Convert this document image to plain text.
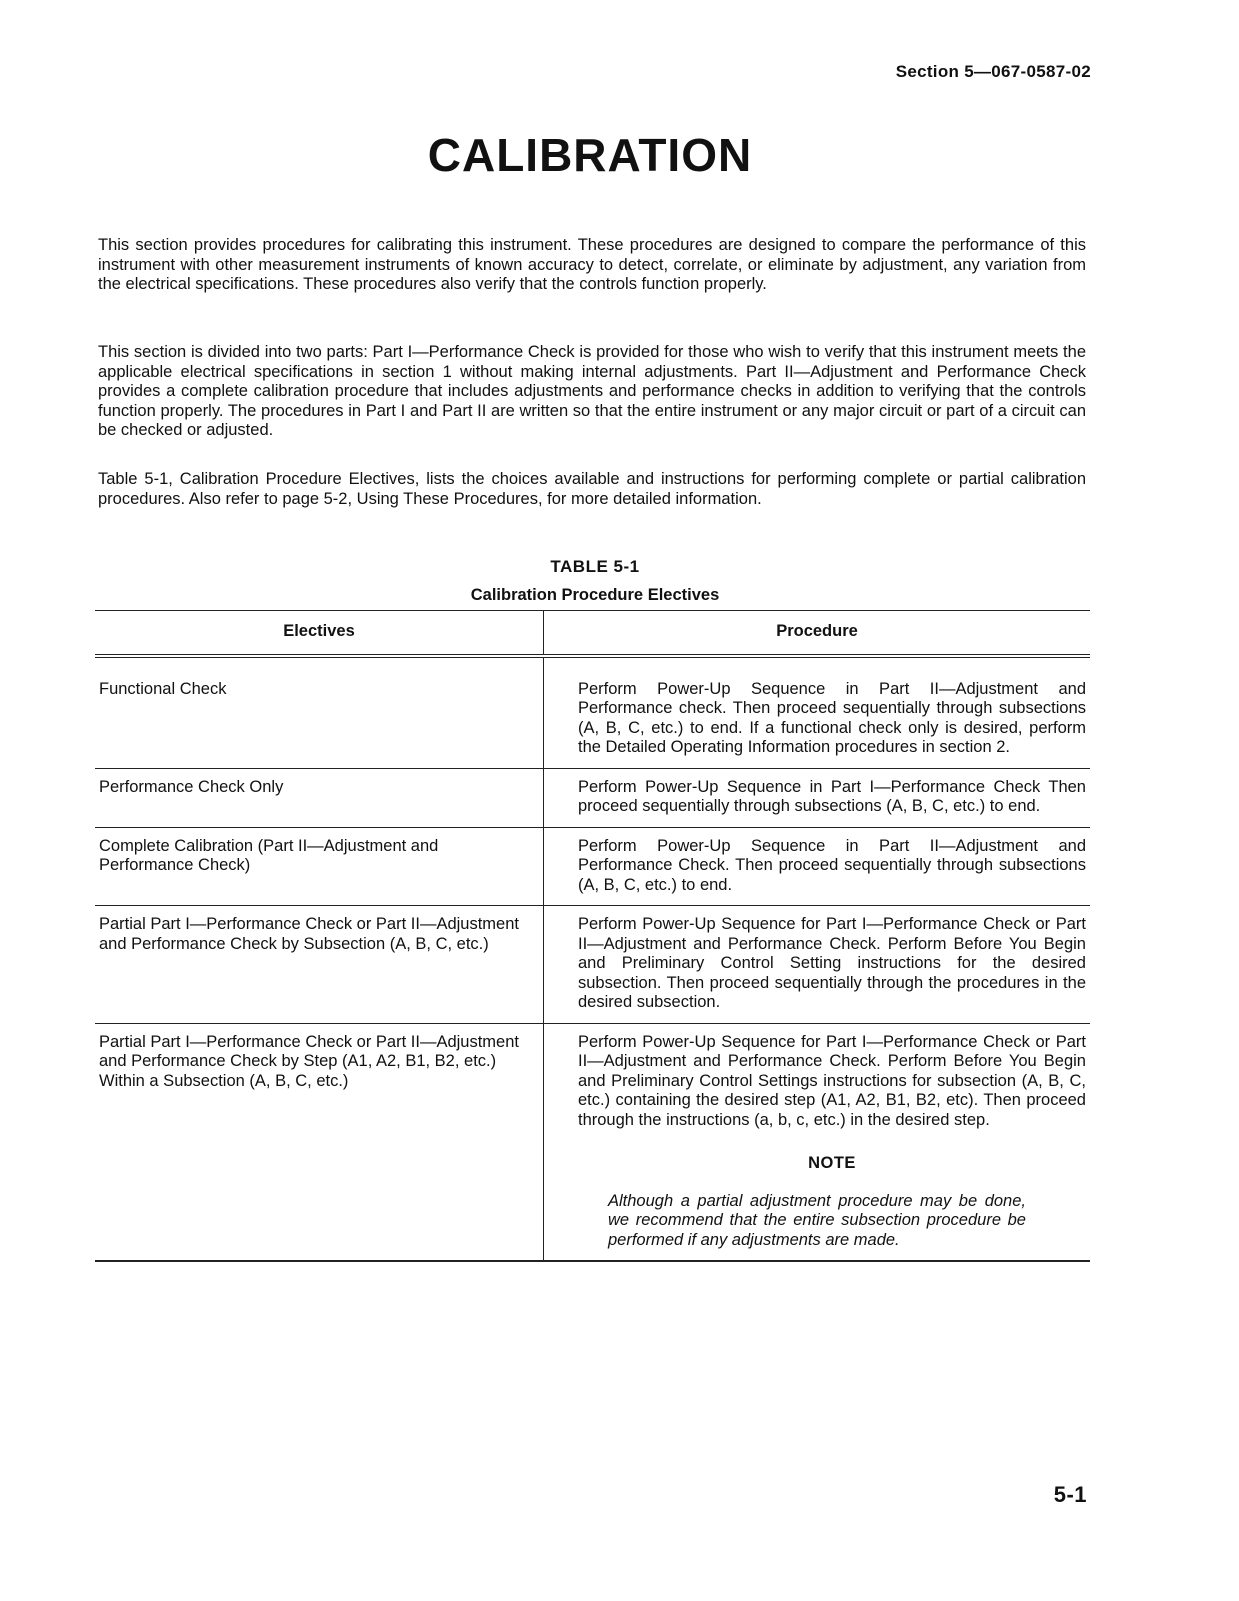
Section 5—067-0587-02
CALIBRATION

This section provides procedures for calibrating this instrument. These procedures are designed to compare the performance of this instrument with other measurement instruments of known accuracy to detect, correlate, or eliminate by adjustment, any variation from the electrical specifications. These procedures also verify that the controls function properly.

This section is divided into two parts: Part I—Performance Check is provided for those who wish to verify that this instrument meets the applicable electrical specifications in section 1 without making internal adjustments. Part II—Adjustment and Performance Check provides a complete calibration procedure that includes adjustments and performance checks in addition to verifying that the controls function properly. The procedures in Part I and Part II are written so that the entire instrument or any major circuit or part of a circuit can be checked or adjusted.

Table 5-1, Calibration Procedure Electives, lists the choices available and instructions for performing complete or partial calibration procedures. Also refer to page 5-2, Using These Procedures, for more detailed information.

TABLE 5-1
Calibration Procedure Electives
Electives	Procedure
Functional Check	Perform Power-Up Sequence in Part II—Adjustment and Performance check. Then proceed sequentially through subsections (A, B, C, etc.) to end. If a functional check only is desired, perform the Detailed Operating Information procedures in section 2.
Performance Check Only	Perform Power-Up Sequence in Part I—Performance Check Then proceed sequentially through subsections (A, B, C, etc.) to end.
Complete Calibration (Part II—Adjustment and Performance Check)	Perform Power-Up Sequence in Part II—Adjustment and Performance Check. Then proceed sequentially through subsections (A, B, C, etc.) to end.
Partial Part I—Performance Check or Part II—Adjustment and Performance Check by Subsection (A, B, C, etc.)	Perform Power-Up Sequence for Part I—Performance Check or Part II—Adjustment and Performance Check. Perform Before You Begin and Preliminary Control Setting instructions for the desired subsection. Then proceed sequentially through the procedures in the desired subsection.
Partial Part I—Performance Check or Part II—Adjustment and Performance Check by Step (A1, A2, B1, B2, etc.) Within a Subsection (A, B, C, etc.)	Perform Power-Up Sequence for Part I—Performance Check or Part II—Adjustment and Performance Check. Perform Before You Begin and Preliminary Control Settings instructions for subsection (A, B, C, etc.) containing the desired step (A1, A2, B1, B2, etc). Then proceed through the instructions (a, b, c, etc.) in the desired step.
NOTE
Although a partial adjustment procedure may be done, we recommend that the entire subsection procedure be performed if any adjustments are made.
5-1
